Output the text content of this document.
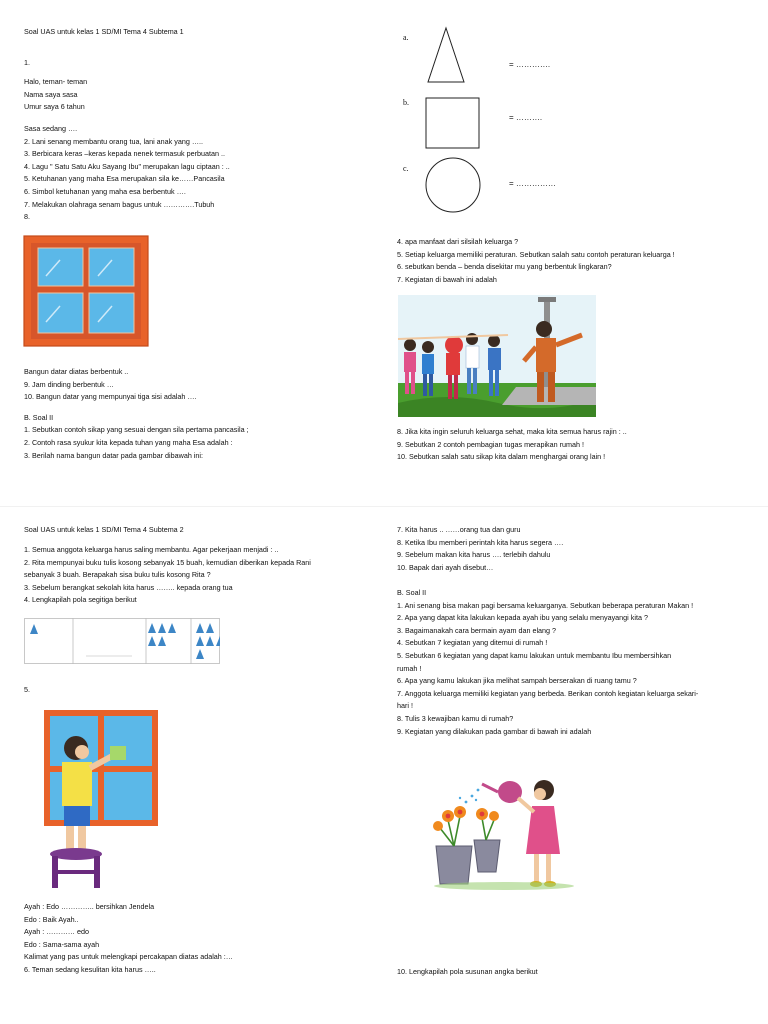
Soal UAS untuk kelas 1 SD/MI Tema 4 Subtema 1
1.
Halo, teman- teman
Nama saya sasa
Umur saya 6 tahun
Sasa sedang ….
2. Lani senang membantu orang tua, lani anak yang …..
3. Berbicara keras –keras kepada nenek termasuk perbuatan ..
4. Lagu " Satu Satu Aku Sayang Ibu" merupakan lagu ciptaan : ..
5. Ketuhanan yang maha Esa merupakan sila ke……Pancasila
6. Simbol ketuhanan yang maha esa berbentuk ….
7. Melakukan olahraga senam bagus untuk ………….Tubuh
8.
Bangun datar diatas berbentuk ..
9. Jam dinding berbentuk …
10. Bangun datar yang mempunyai tiga sisi adalah ….
B. Soal II
1. Sebutkan contoh sikap yang sesuai dengan sila pertama pancasila ;
2. Contoh rasa syukur kita kepada tuhan yang maha Esa adalah :
3. Berilah nama bangun datar pada gambar dibawah ini:
a.
b.
c.
= ………….
= ……….
= ……………
4. apa manfaat dari silsilah keluarga ?
5. Setiap keluarga memiliki peraturan. Sebutkan salah satu contoh peraturan keluarga !
6. sebutkan benda – benda disekitar mu yang berbentuk lingkaran?
7. Kegiatan di bawah ini adalah
8. Jika kita ingin seluruh keluarga sehat, maka kita semua harus rajin : ..
9. Sebutkan 2 contoh pembagian tugas merapikan rumah !
10. Sebutkan salah satu sikap kita dalam menghargai orang lain !
Soal UAS untuk kelas 1 SD/MI Tema 4 Subtema 2
1. Semua anggota keluarga harus saling membantu. Agar pekerjaan menjadi : ..
2. Rita mempunyai buku tulis kosong sebanyak 15 buah, kemudian diberikan kepada Rani
sebanyak 3 buah. Berapakah sisa buku tulis kosong Rita ?
3. Sebelum berangkat sekolah kita harus …….. kepada orang tua
4. Lengkapilah pola segitiga berikut
5.
Ayah : Edo ………….. bersihkan Jendela
Edo : Baik Ayah..
Ayah : ………… edo
Edo : Sama-sama ayah
Kalimat yang pas untuk melengkapi percakapan diatas adalah :…
6. Teman sedang kesulitan kita harus …..
7. Kita harus .. ……orang tua dan guru
8. Ketika Ibu memberi perintah kita harus segera ….
9. Sebelum makan kita harus …. terlebih dahulu
10. Bapak dari ayah disebut…
B. Soal II
1. Ani senang bisa makan pagi bersama keluarganya. Sebutkan beberapa peraturan Makan !
2. Apa yang dapat kita lakukan kepada ayah ibu yang selalu menyayangi kita ?
3. Bagaimanakah cara bermain ayam dan elang ?
4. Sebutkan 7 kegiatan yang ditemui di rumah !
5. Sebutkan 6 kegiatan yang dapat kamu lakukan untuk membantu Ibu membersihkan
rumah !
6. Apa yang kamu lakukan jika melihat sampah berserakan di ruang tamu ?
7. Anggota keluarga memiliki kegiatan yang berbeda. Berikan contoh kegiatan keluarga sekari-
hari !
8. Tulis 3 kewajiban kamu di rumah?
9. Kegiatan yang dilakukan pada gambar di bawah ini adalah
10. Lengkapilah pola susunan angka berikut
